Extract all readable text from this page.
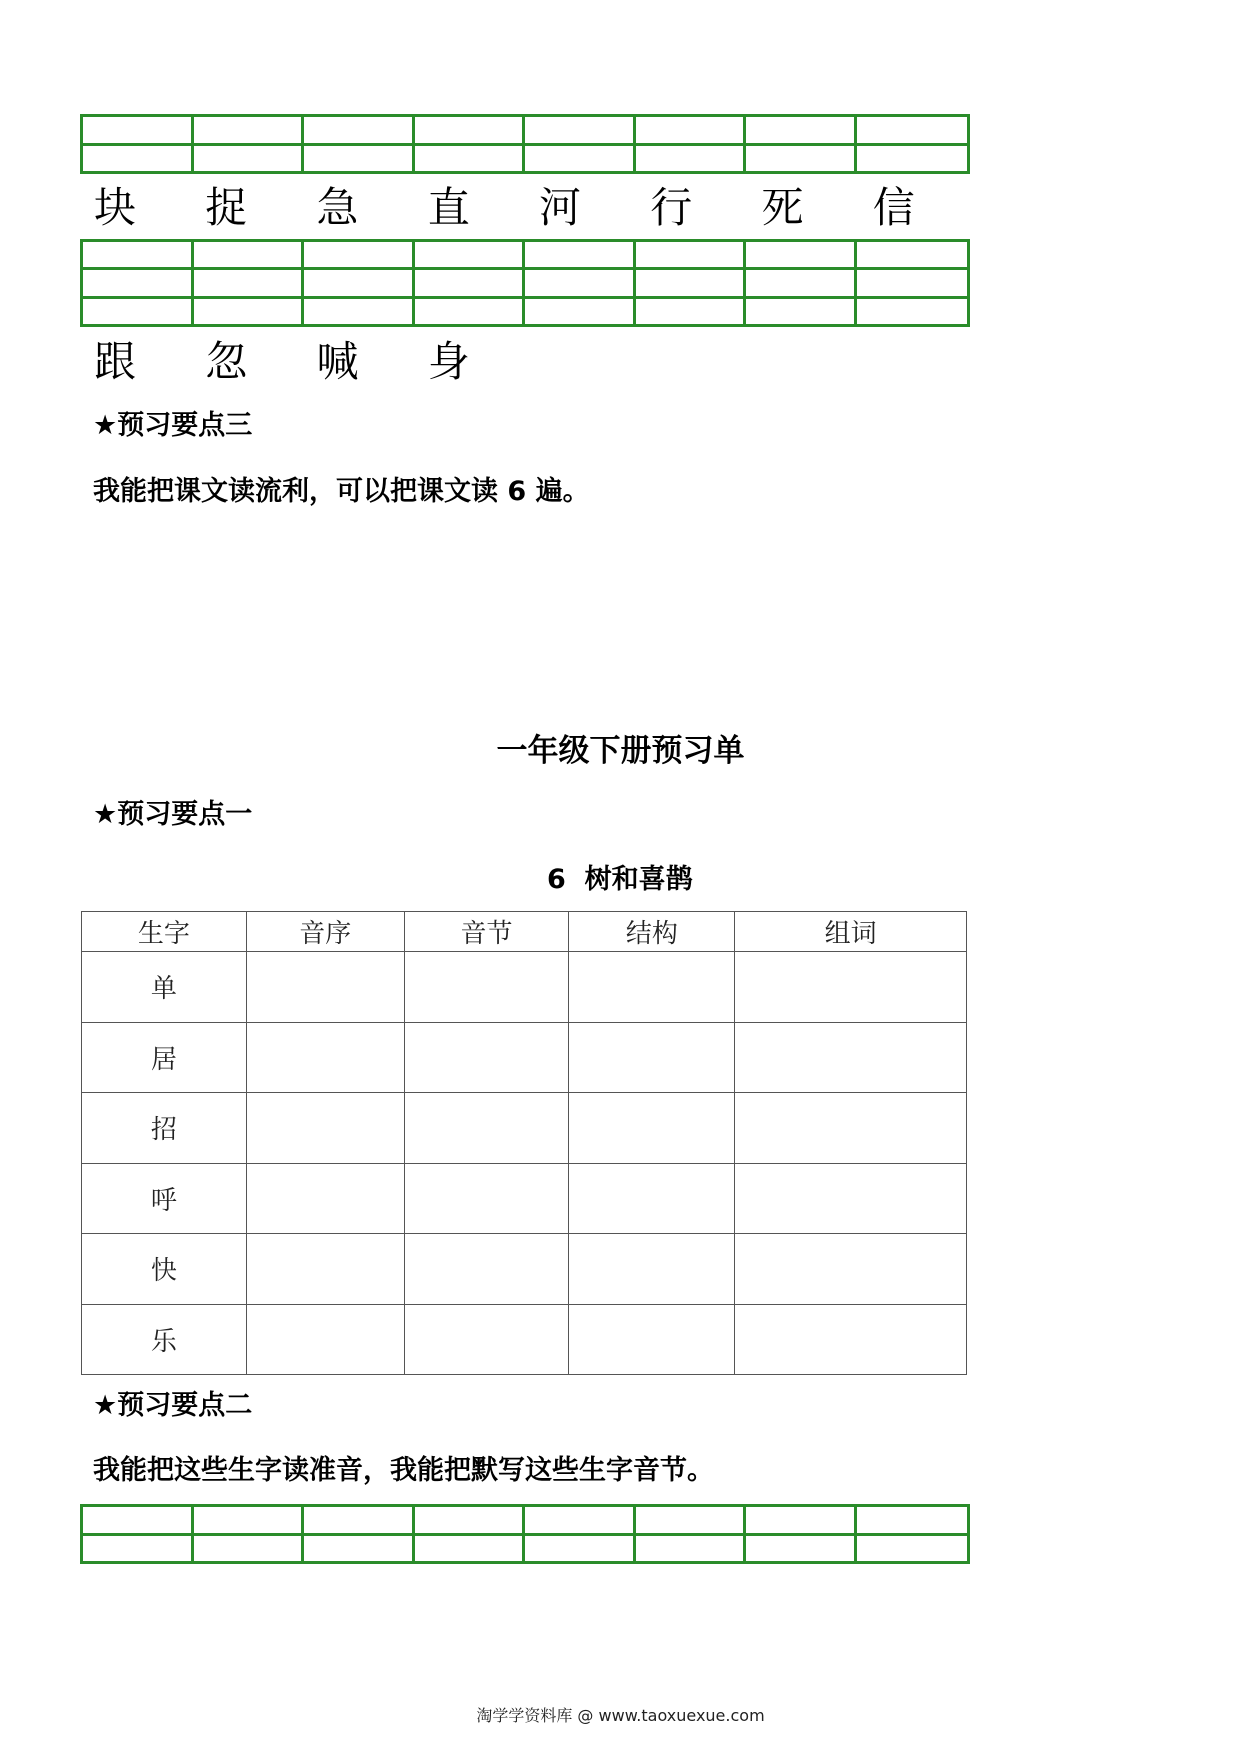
块	捉	急	直	河	行	死	信
跟	忽	喊	身
★预习要点三
我能把课文读流利，可以把课文读 6 遍。
一年级下册预习单
★预习要点一
6  树和喜鹊
生字	音序	音节	结构	组词
单				
居				
招				
呼				
快				
乐				
★预习要点二
我能把这些生字读准音，我能把默写这些生字音节。
淘学学资料库 @ www.taoxuexue.com
